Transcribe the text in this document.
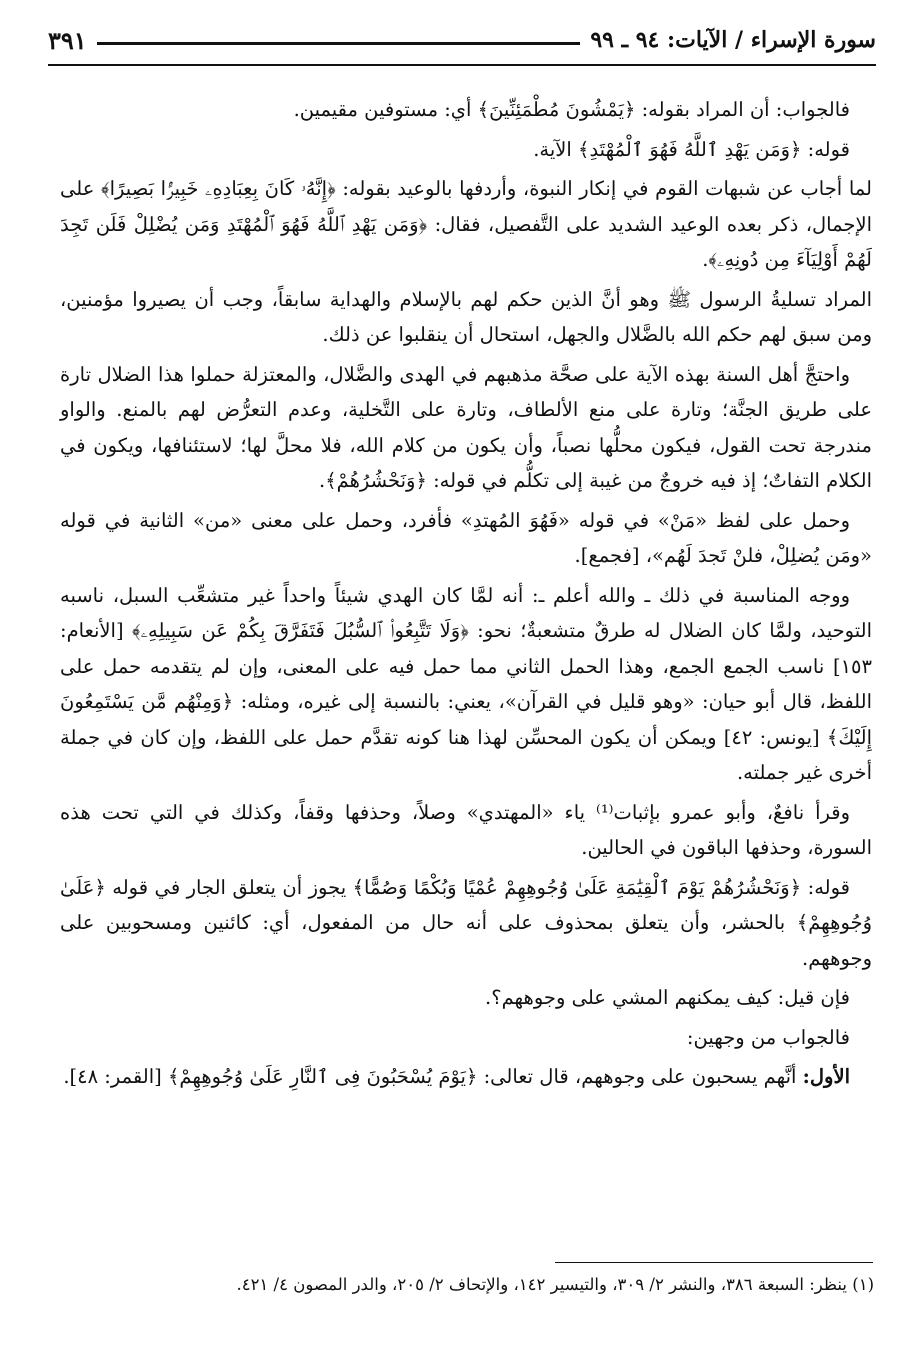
سورة الإسراء / الآيات: ٩٤ ـ ٩٩
٣٩١

فالجواب: أن المراد بقوله: ﴿يَمْشُونَ مُطْمَئِنِّينَ﴾ أي: مستوفين مقيمين.

قوله: ﴿وَمَن يَهْدِ ٱللَّهُ فَهُوَ ٱلْمُهْتَدِ﴾ الآية.

لما أجاب عن شبهات القوم في إنكار النبوة، وأردفها بالوعيد بقوله: ﴿إِنَّهُۥ كَانَ بِعِبَادِهِۦ خَبِيرًۢا بَصِيرًا﴾ على الإجمال، ذكر بعده الوعيد الشديد على التَّفصيل، فقال: ﴿وَمَن يَهْدِ ٱللَّهُ فَهُوَ ٱلْمُهْتَدِ وَمَن يُضْلِلْ فَلَن تَجِدَ لَهُمْ أَوْلِيَآءَ مِن دُونِهِۦ﴾.

المراد تسليةُ الرسول ﷺ وهو أنَّ الذين حكم لهم بالإسلام والهداية سابقاً، وجب أن يصيروا مؤمنين، ومن سبق لهم حكم الله بالضَّلال والجهل، استحال أن ينقلبوا عن ذلك.

واحتجَّ أهل السنة بهذه الآية على صحَّة مذهبهم في الهدى والضَّلال، والمعتزلة حملوا هذا الضلال تارة على طريق الجنَّة؛ وتارة على منع الألطاف، وتارة على التَّخلية، وعدم التعرُّض لهم بالمنع. والواو مندرجة تحت القول، فيكون محلُّها نصباً، وأن يكون من كلام الله، فلا محلَّ لها؛ لاستئنافها، ويكون في الكلام التفاتٌ؛ إذ فيه خروجٌ من غيبة إلى تكلُّم في قوله: ﴿وَنَحْشُرُهُمْ﴾.

وحمل على لفظ «مَنْ» في قوله «فَهُوَ المُهتدِ» فأفرد، وحمل على معنى «من» الثانية في قوله «ومَن يُضلِلْ، فلنْ تَجدَ لَهُم»، [فجمع].

ووجه المناسبة في ذلك ـ والله أعلم ـ: أنه لمَّا كان الهدي شيئاً واحداً غير متشعِّب السبل، ناسبه التوحيد، ولمَّا كان الضلال له طرقٌ متشعبةٌ؛ نحو: ﴿وَلَا تَتَّبِعُوا۟ ٱلسُّبُلَ فَتَفَرَّقَ بِكُمْ عَن سَبِيلِهِۦ﴾ [الأنعام: ١٥٣] ناسب الجمع الجمع، وهذا الحمل الثاني مما حمل فيه على المعنى، وإن لم يتقدمه حمل على اللفظ، قال أبو حيان: «وهو قليل في القرآن»، يعني: بالنسبة إلى غيره، ومثله: ﴿وَمِنْهُم مَّن يَسْتَمِعُونَ إِلَيْكَ﴾ [يونس: ٤٢] ويمكن أن يكون المحسِّن لهذا هنا كونه تقدَّم حمل على اللفظ، وإن كان في جملة أخرى غير جملته.

وقرأ نافعٌ، وأبو عمرو بإثبات⁽¹⁾ ياء «المهتدي» وصلاً، وحذفها وقفاً، وكذلك في التي تحت هذه السورة، وحذفها الباقون في الحالين.

قوله: ﴿وَنَحْشُرُهُمْ يَوْمَ ٱلْقِيَٰمَةِ عَلَىٰ وُجُوهِهِمْ عُمْيًا وَبُكْمًا وَصُمًّا﴾ يجوز أن يتعلق الجار في قوله ﴿عَلَىٰ وُجُوهِهِمْ﴾ بالحشر، وأن يتعلق بمحذوف على أنه حال من المفعول، أي: كائنين ومسحوبين على وجوههم.

فإن قيل: كيف يمكنهم المشي على وجوههم؟.

فالجواب من وجهين:

الأول: أنَّهم يسحبون على وجوههم، قال تعالى: ﴿يَوْمَ يُسْحَبُونَ فِى ٱلنَّارِ عَلَىٰ وُجُوهِهِمْ﴾ [القمر: ٤٨].

(١) ينظر: السبعة ٣٨٦، والنشر ٢/ ٣٠٩، والتيسير ١٤٢، والإتحاف ٢/ ٢٠٥، والدر المصون ٤/ ٤٢١.
